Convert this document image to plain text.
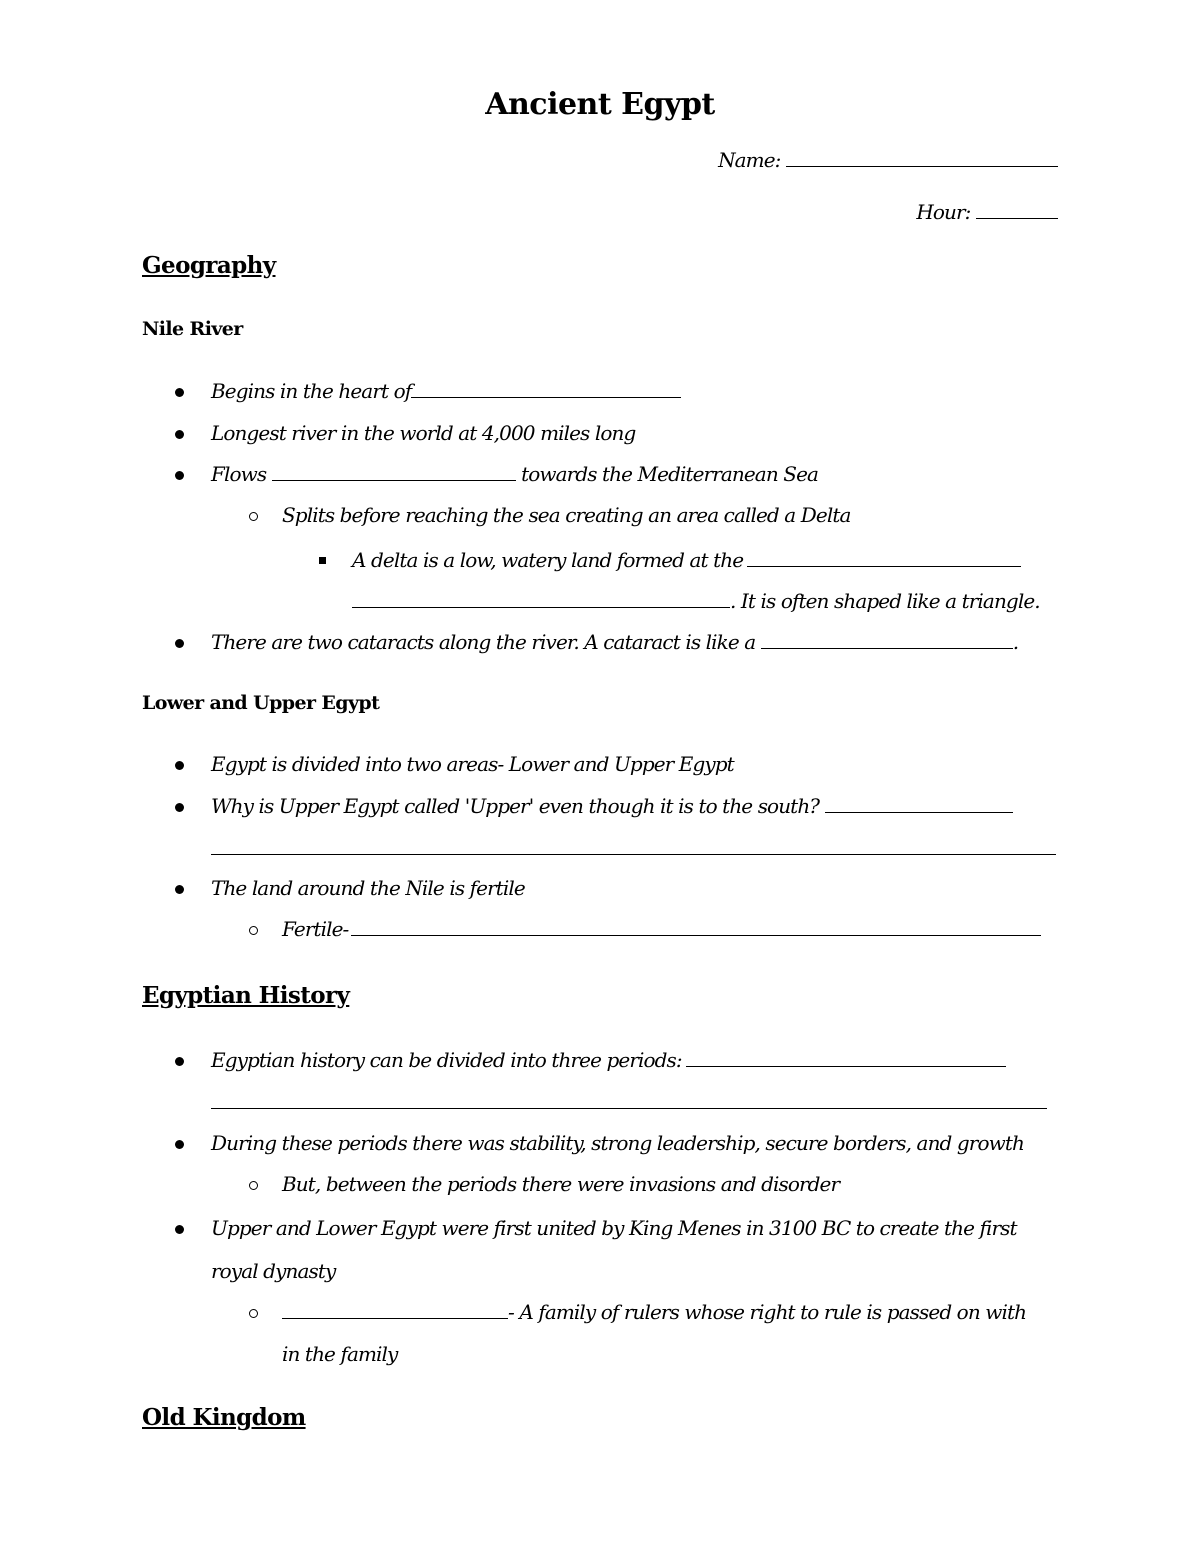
Ancient Egypt
Name:
Hour:
Geography
Nile River
Begins in the heart of
Longest river in the world at 4,000 miles long
Flows	towards the Mediterranean Sea
Splits before reaching the sea creating an area called a Delta
A delta is a low, watery land formed at the
. It is often shaped like a triangle.
There are two cataracts along the river. A cataract is like a	.
Lower and Upper Egypt
Egypt is divided into two areas- Lower and Upper Egypt
Why is Upper Egypt called 'Upper' even though it is to the south?
The land around the Nile is fertile
Fertile-
Egyptian History
Egyptian history can be divided into three periods:
During these periods there was stability, strong leadership, secure borders, and growth
But, between the periods there were invasions and disorder
Upper and Lower Egypt were first united by King Menes in 3100 BC to create the first
royal dynasty
- A family of rulers whose right to rule is passed on with
in the family
Old Kingdom
